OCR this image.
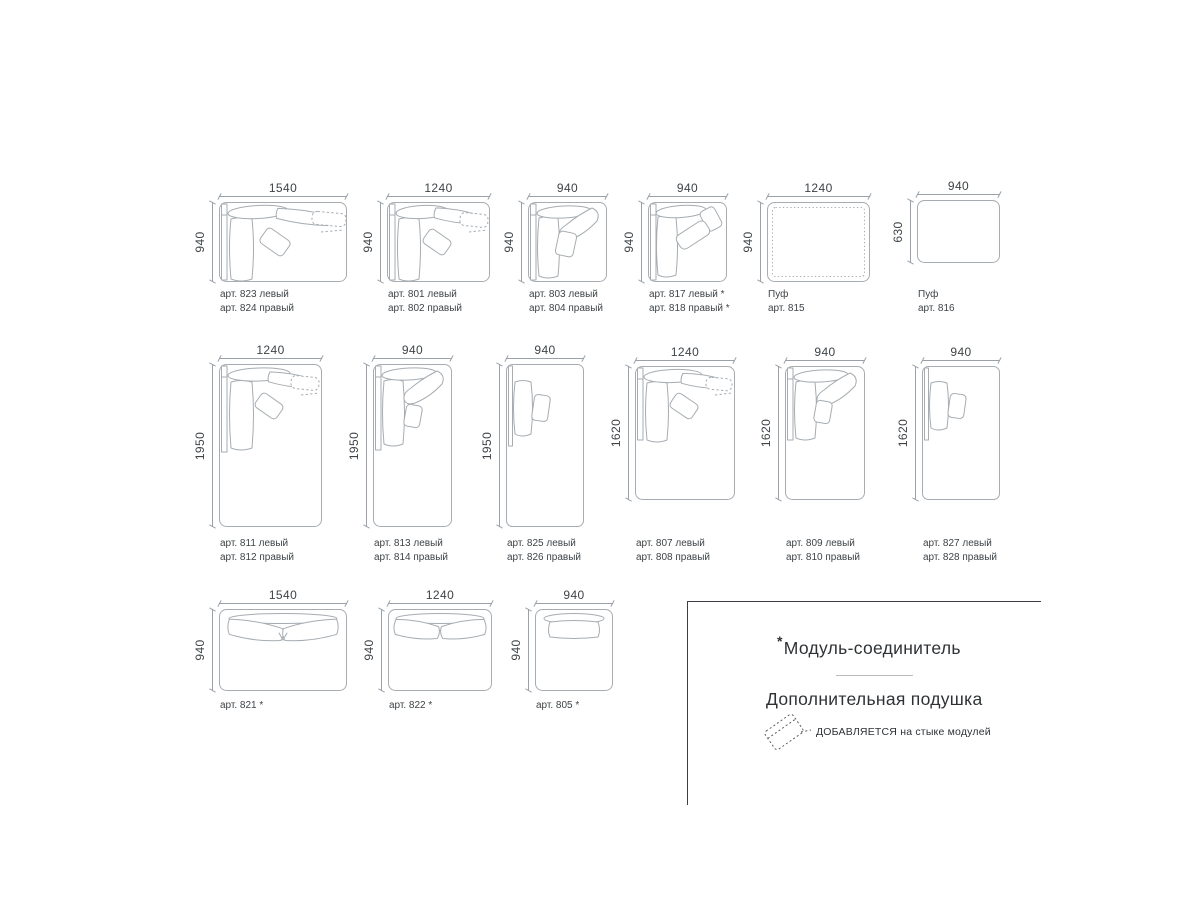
1540
940
арт. 823 левый
арт. 824 правый
1240
940
арт. 801 левый
арт. 802 правый
940
940
арт. 803 левый
арт. 804 правый
940
940
арт. 817 левый *
арт. 818 правый *
1240
940
Пуф
арт. 815
940
630
Пуф
арт. 816
1240
1950
арт. 811 левый
арт. 812 правый
940
1950
арт. 813 левый
арт. 814 правый
940
1950
арт. 825 левый
арт. 826 правый
1240
1620
арт. 807 левый
арт. 808 правый
940
1620
арт. 809 левый
арт. 810 правый
940
1620
арт. 827 левый
арт. 828 правый
1540
940
арт. 821 *
1240
940
арт. 822 *
940
940
арт. 805 *
*Модуль-соединитель
Дополнительная подушка
ДОБАВЛЯЕТСЯ на стыке модулей
